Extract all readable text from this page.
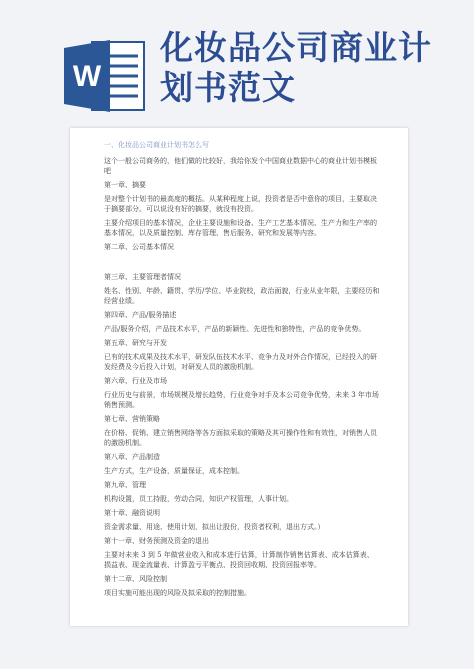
W
化妆品公司商业计
划书范文

一、化妆品公司商业计划书怎么写

这个一般公司商务的，他们做的比较好，我给你发个中国商业数据中心的商业计划书模板吧

第一章、摘要

是对整个计划书的最高度的概括。从某种程度上说，投资者是否中意你的项目，主要取决于摘要部分。可以说没有好的摘要，就没有投资。

主要介绍项目的基本情况，企业主要设施和设备、生产工艺基本情况、生产力和生产率的基本情况，以及质量控制、库存管理、售后服务、研究和发展等内容。

第二章、公司基本情况

第三章、主要管理者情况

姓名、性别、年龄、籍贯、学历/学位、毕业院校，政治面貌，行业从业年限，主要经历和经营业绩。

第四章、产品/服务描述

产品/服务介绍，产品技术水平，产品的新颖性、先进性和独特性，产品的竞争优势。

第五章、研究与开发

已有的技术成果及技术水平，研发队伍技术水平、竞争力及对外合作情况，已经投入的研发经费及今后投入计划，对研发人员的激励机制。

第六章、行业及市场

行业历史与前景，市场规模及增长趋势，行业竞争对手及本公司竞争优势，未来 3 年市场销售预测。

第七章、营销策略

在价格、促销、建立销售网络等各方面拟采取的策略及其可操作性和有效性，对销售人员的激励机制。

第八章、产品制造

生产方式，生产设备，质量保证，成本控制。

第九章、管理

机构设置，员工持股，劳动合同，知识产权管理，人事计划。

第十章、融资说明

资金需求量、用途、使用计划，拟出让股份，投资者权利，退出方式。）

第十一章、财务预测及资金的退出

主要对未来 3 到 5 年做营业收入和成本进行估算，计算制作销售估算表、成本估算表、损益表、现金流量表、计算盈亏平衡点、投资回收期、投资回报率等。

第十二章、风险控制

项目实施可能出现的风险及拟采取的控制措施。
